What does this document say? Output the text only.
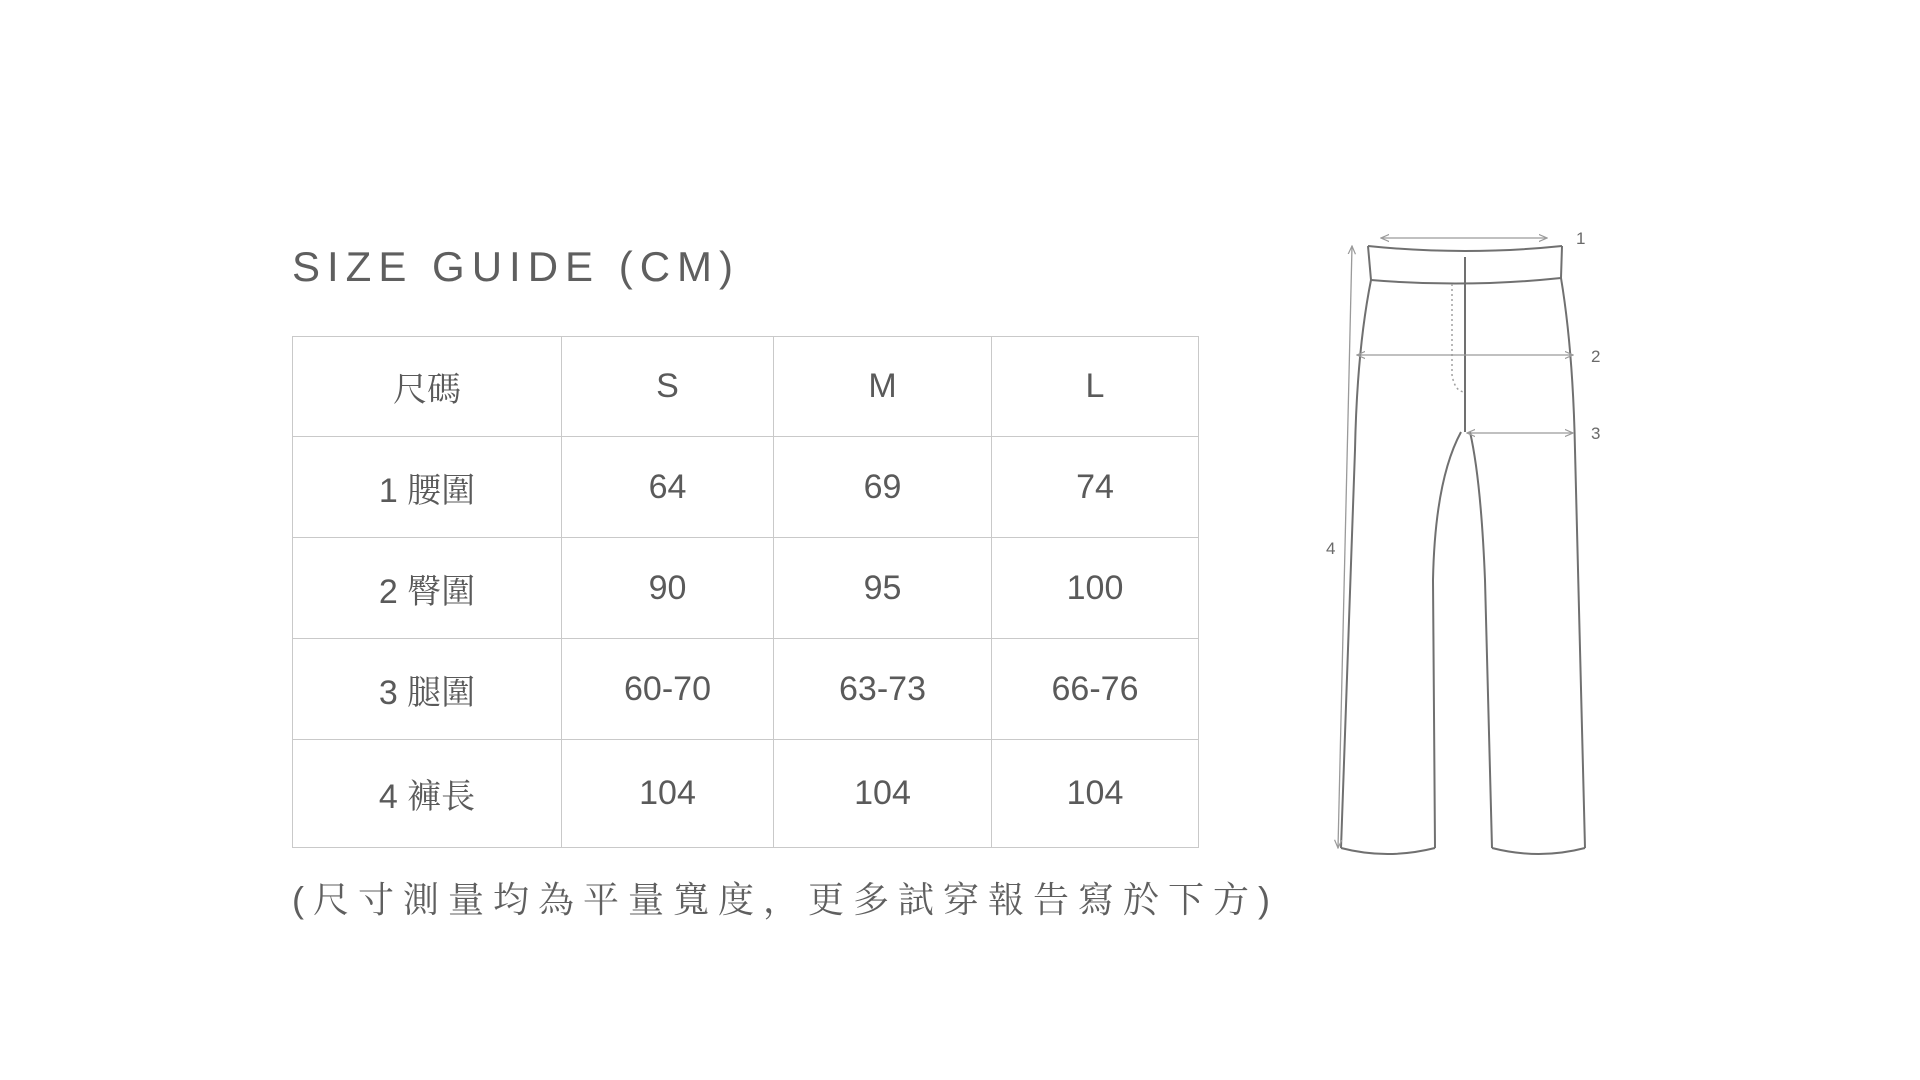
SIZE GUIDE (CM)
尺碼	S	M	L
1 腰圍	64	69	74
2 臀圍	90	95	100
3 腿圍	60-70	63-73	66-76
4 褲長	104	104	104
(尺寸測量均為平量寬度，更多試穿報告寫於下方)
1
2
3
4
